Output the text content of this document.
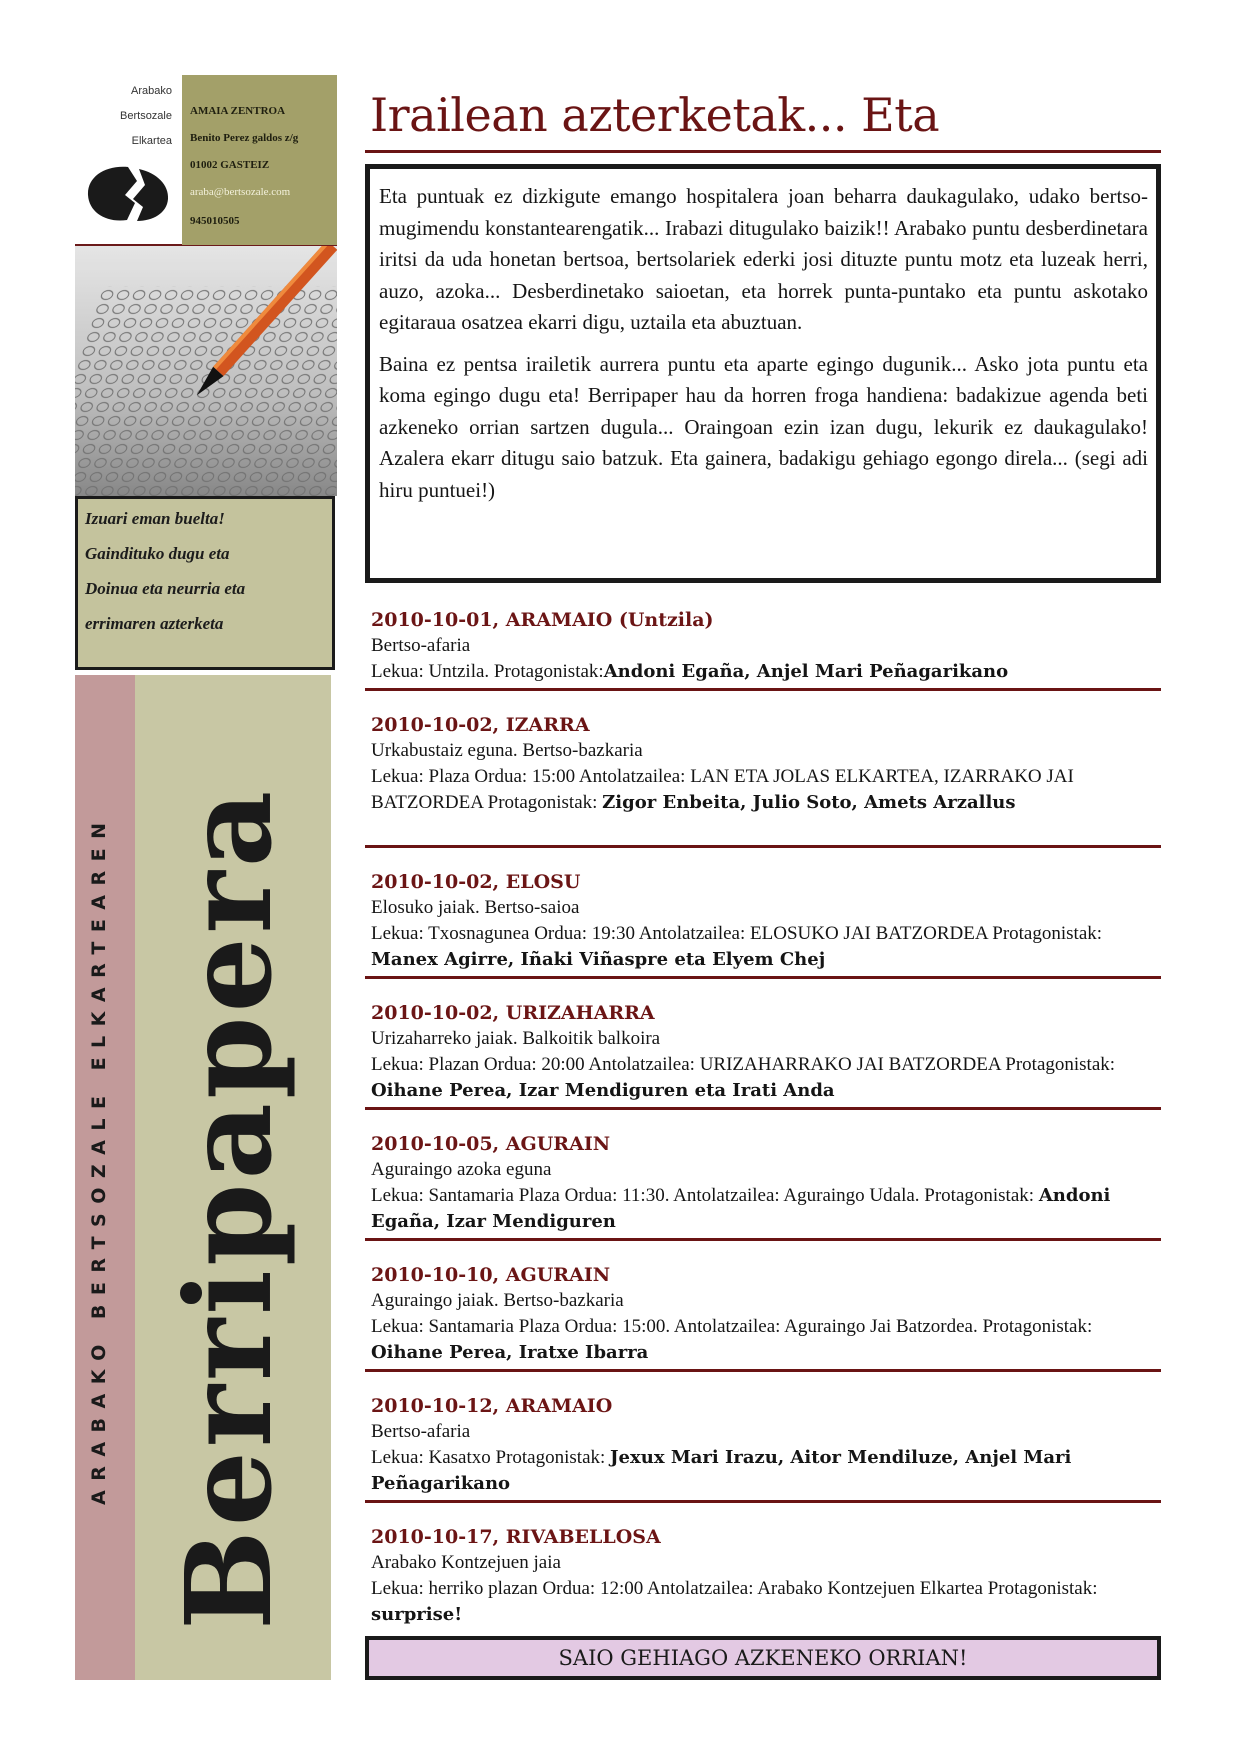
Arabako
Bertsozale
Elkartea
AMAIA ZENTROA
Benito Perez galdos z/g
01002 GASTEIZ
araba@bertsozale.com
945010505
Izuari eman buelta!
Gaindituko dugu eta
Doinua eta neurria eta
errimaren azterketa
ARABAKO BERTSOZALE ELKARTEAREN Berripapera
Irailean azterketak... Eta

Eta puntuak ez dizkigute emango hospitalera joan beharra daukagulako, udako bertso-mugimendu konstantearengatik... Irabazi ditugulako baizik!! Arabako puntu desberdinetara iritsi da uda honetan bertsoa, bertsolariek ederki josi dituzte puntu motz eta luzeak herri, auzo, azoka... Desberdinetako saioetan, eta horrek punta-puntako eta puntu askotako egitaraua osatzea ekarri digu, uztaila eta abuztuan.

Baina ez pentsa irailetik aurrera puntu eta aparte egingo dugunik... Asko jota puntu eta koma egingo dugu eta! Berripaper hau da horren froga handiena: badakizue agenda beti azkeneko orrian sartzen dugula... Oraingoan ezin izan dugu, lekurik ez daukagulako! Azalera ekarr ditugu saio batzuk. Eta gainera, badakigu gehiago egongo direla... (segi adi hiru puntuei!)

2010-10-01, ARAMAIO (Untzila)
Bertso-afaria
Lekua: Untzila. Protagonistak:Andoni Egaña, Anjel Mari Peñagarikano
2010-10-02, IZARRA
Urkabustaiz eguna. Bertso-bazkaria
Lekua: Plaza Ordua: 15:00 Antolatzailea: LAN ETA JOLAS ELKARTEA, IZARRAKO JAI BATZORDEA Protagonistak: Zigor Enbeita, Julio Soto, Amets Arzallus
2010-10-02, ELOSU
Elosuko jaiak. Bertso-saioa
Lekua: Txosnagunea Ordua: 19:30 Antolatzailea: ELOSUKO JAI BATZORDEA Protagonistak: Manex Agirre, Iñaki Viñaspre eta Elyem Chej
2010-10-02, URIZAHARRA
Urizaharreko jaiak. Balkoitik balkoira
Lekua: Plazan Ordua: 20:00 Antolatzailea: URIZAHARRAKO JAI BATZORDEA Protagonistak: Oihane Perea, Izar Mendiguren eta Irati Anda
2010-10-05, AGURAIN
Aguraingo azoka eguna
Lekua: Santamaria Plaza Ordua: 11:30. Antolatzailea: Aguraingo Udala. Protagonistak: Andoni Egaña, Izar Mendiguren
2010-10-10, AGURAIN
Aguraingo jaiak. Bertso-bazkaria
Lekua: Santamaria Plaza Ordua: 15:00. Antolatzailea: Aguraingo Jai Batzordea. Protagonistak: Oihane Perea, Iratxe Ibarra
2010-10-12, ARAMAIO
Bertso-afaria
Lekua: Kasatxo Protagonistak: Jexux Mari Irazu, Aitor Mendiluze, Anjel Mari Peñagarikano
2010-10-17, RIVABELLOSA
Arabako Kontzejuen jaia
Lekua: herriko plazan Ordua: 12:00 Antolatzailea: Arabako Kontzejuen Elkartea Protagonistak: surprise!
SAIO GEHIAGO AZKENEKO ORRIAN!
